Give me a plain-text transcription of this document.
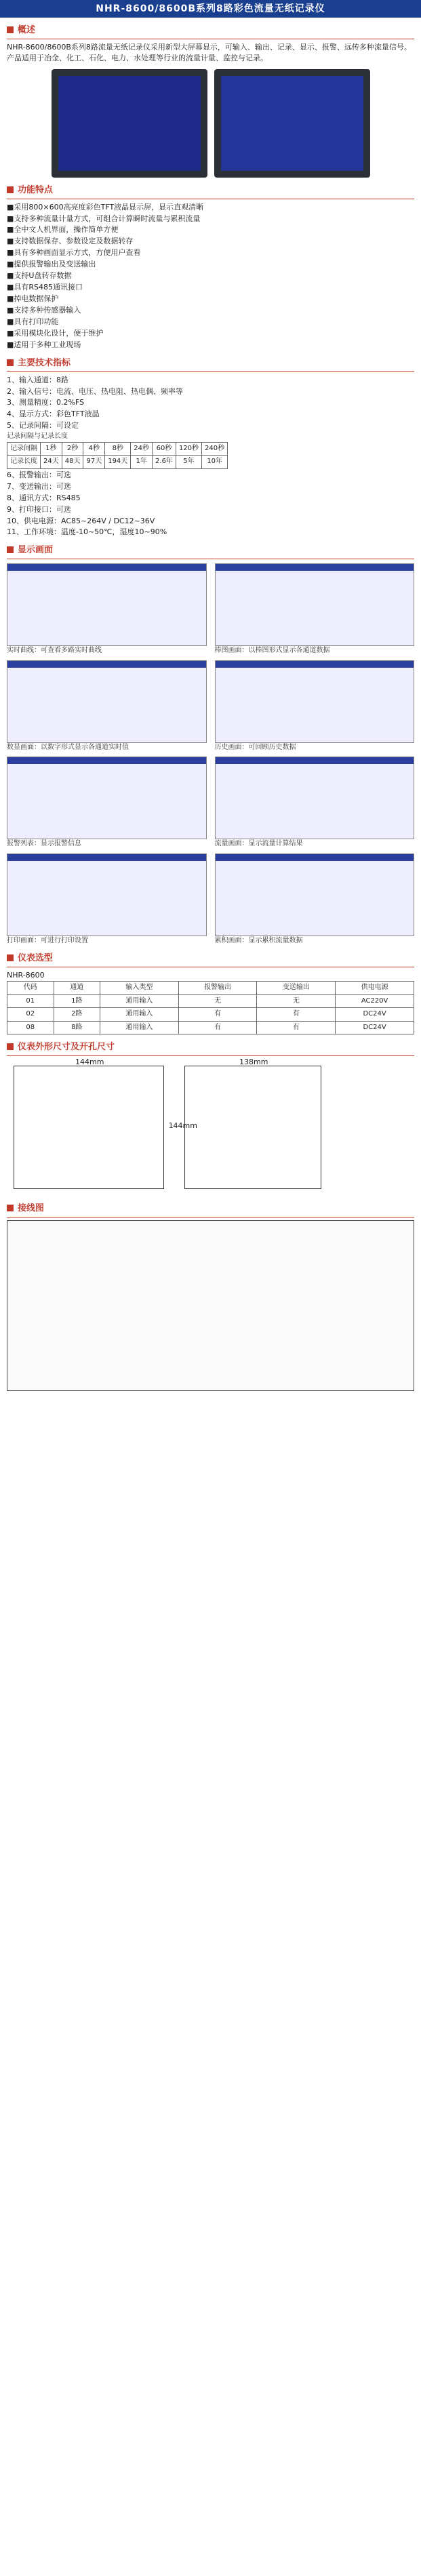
NHR-8600/8600B系列8路彩色流量无纸记录仪
概述

NHR-8600/8600B系列8路流量无纸记录仪采用新型大屏幕显示，可输入、输出、记录、显示、报警、远传多种流量信号。产品适用于冶金、化工、石化、电力、水处理等行业的流量计量、监控与记录。

功能特点
■采用800×600高亮度彩色TFT液晶显示屏，显示直观清晰
■支持多种流量计量方式，可组合计算瞬时流量与累积流量
■全中文人机界面，操作简单方便
■支持数据保存、参数设定及数据转存
■具有多种画面显示方式，方便用户查看
■提供报警输出及变送输出
■支持U盘转存数据
■具有RS485通讯接口
■掉电数据保护
■支持多种传感器输入
■具有打印功能
■采用模块化设计，便于维护
■适用于多种工业现场
主要技术指标
1、输入通道：8路
2、输入信号：电流、电压、热电阻、热电偶、频率等
3、测量精度：0.2%FS
4、显示方式：彩色TFT液晶
5、记录间隔：可设定
记录间隔与记录长度
记录间隔	1秒	2秒	4秒	8秒	24秒	60秒	120秒	240秒
记录长度	24天	48天	97天	194天	1年	2.6年	5年	10年
6、报警输出：可选
7、变送输出：可选
8、通讯方式：RS485
9、打印接口：可选
10、供电电源：AC85~264V / DC12~36V
11、工作环境：温度-10~50℃，湿度10~90%
显示画面
实时曲线：可查看多路实时曲线	棒图画面：以棒图形式显示各通道数据
数显画面：以数字形式显示各通道实时值	历史画面：可回顾历史数据
报警列表：显示报警信息	流量画面：显示流量计算结果
打印画面：可进行打印设置	累积画面：显示累积流量数据
仪表选型
NHR-8600
代码	通道	输入类型	报警输出	变送输出	供电电源
01	1路	通用输入	无	无	AC220V
02	2路	通用输入	有	有	DC24V
08	8路	通用输入	有	有	DC24V
仪表外形尺寸及开孔尺寸
144mm
144mm
138mm
接线图
